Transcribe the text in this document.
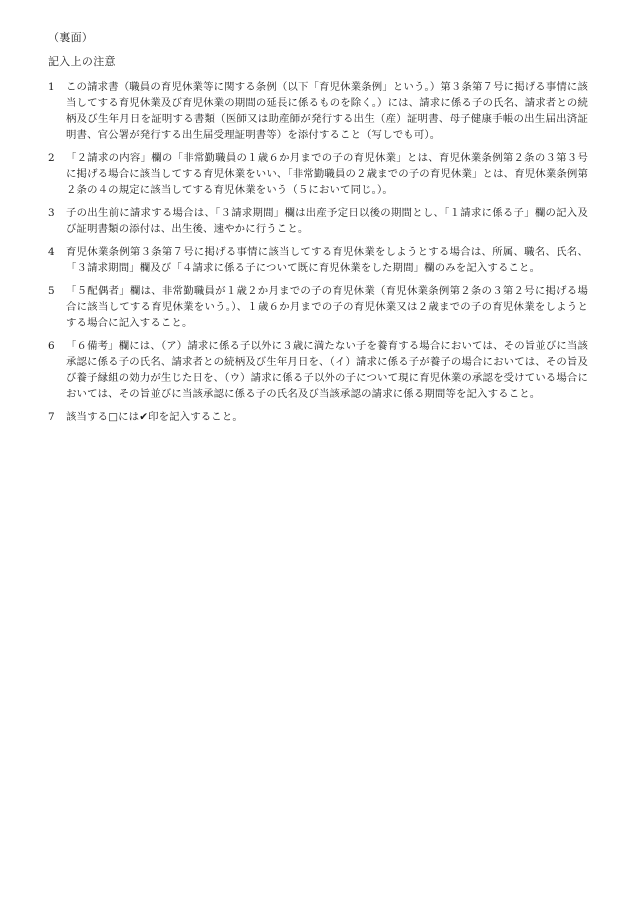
（裏面）
記入上の注意
1	この請求書（職員の育児休業等に関する条例（以下「育児休業条例」という。）第３条第７号に掲げる事情に該当してする育児休業及び育児休業の期間の延長に係るものを除く。）には、請求に係る子の氏名、請求者との続柄及び生年月日を証明する書類（医師又は助産師が発行する出生（産）証明書、母子健康手帳の出生届出済証明書、官公署が発行する出生届受理証明書等）を添付すること（写しでも可）。
2	「２請求の内容」欄の「非常勤職員の１歳６か月までの子の育児休業」とは、育児休業条例第２条の３第３号に掲げる場合に該当してする育児休業をいい、「非常勤職員の２歳までの子の育児休業」とは、育児休業条例第２条の４の規定に該当してする育児休業をいう（５において同じ。）。
3	子の出生前に請求する場合は、「３請求期間」欄は出産予定日以後の期間とし、「１請求に係る子」欄の記入及び証明書類の添付は、出生後、速やかに行うこと。
4	育児休業条例第３条第７号に掲げる事情に該当してする育児休業をしようとする場合は、所属、職名、氏名、「３請求期間」欄及び「４請求に係る子について既に育児休業をした期間」欄のみを記入すること。
5	「５配偶者」欄は、非常勤職員が１歳２か月までの子の育児休業（育児休業条例第２条の３第２号に掲げる場合に該当してする育児休業をいう。）、１歳６か月までの子の育児休業又は２歳までの子の育児休業をしようとする場合に記入すること。
6	「６備考」欄には、（ア）請求に係る子以外に３歳に満たない子を養育する場合においては、その旨並びに当該承認に係る子の氏名、請求者との続柄及び生年月日を、（イ）請求に係る子が養子の場合においては、その旨及び養子縁組の効力が生じた日を、（ウ）請求に係る子以外の子について現に育児休業の承認を受けている場合においては、その旨並びに当該承認に係る子の氏名及び当該承認の請求に係る期間等を記入すること。
7	該当する□には✔印を記入すること。
